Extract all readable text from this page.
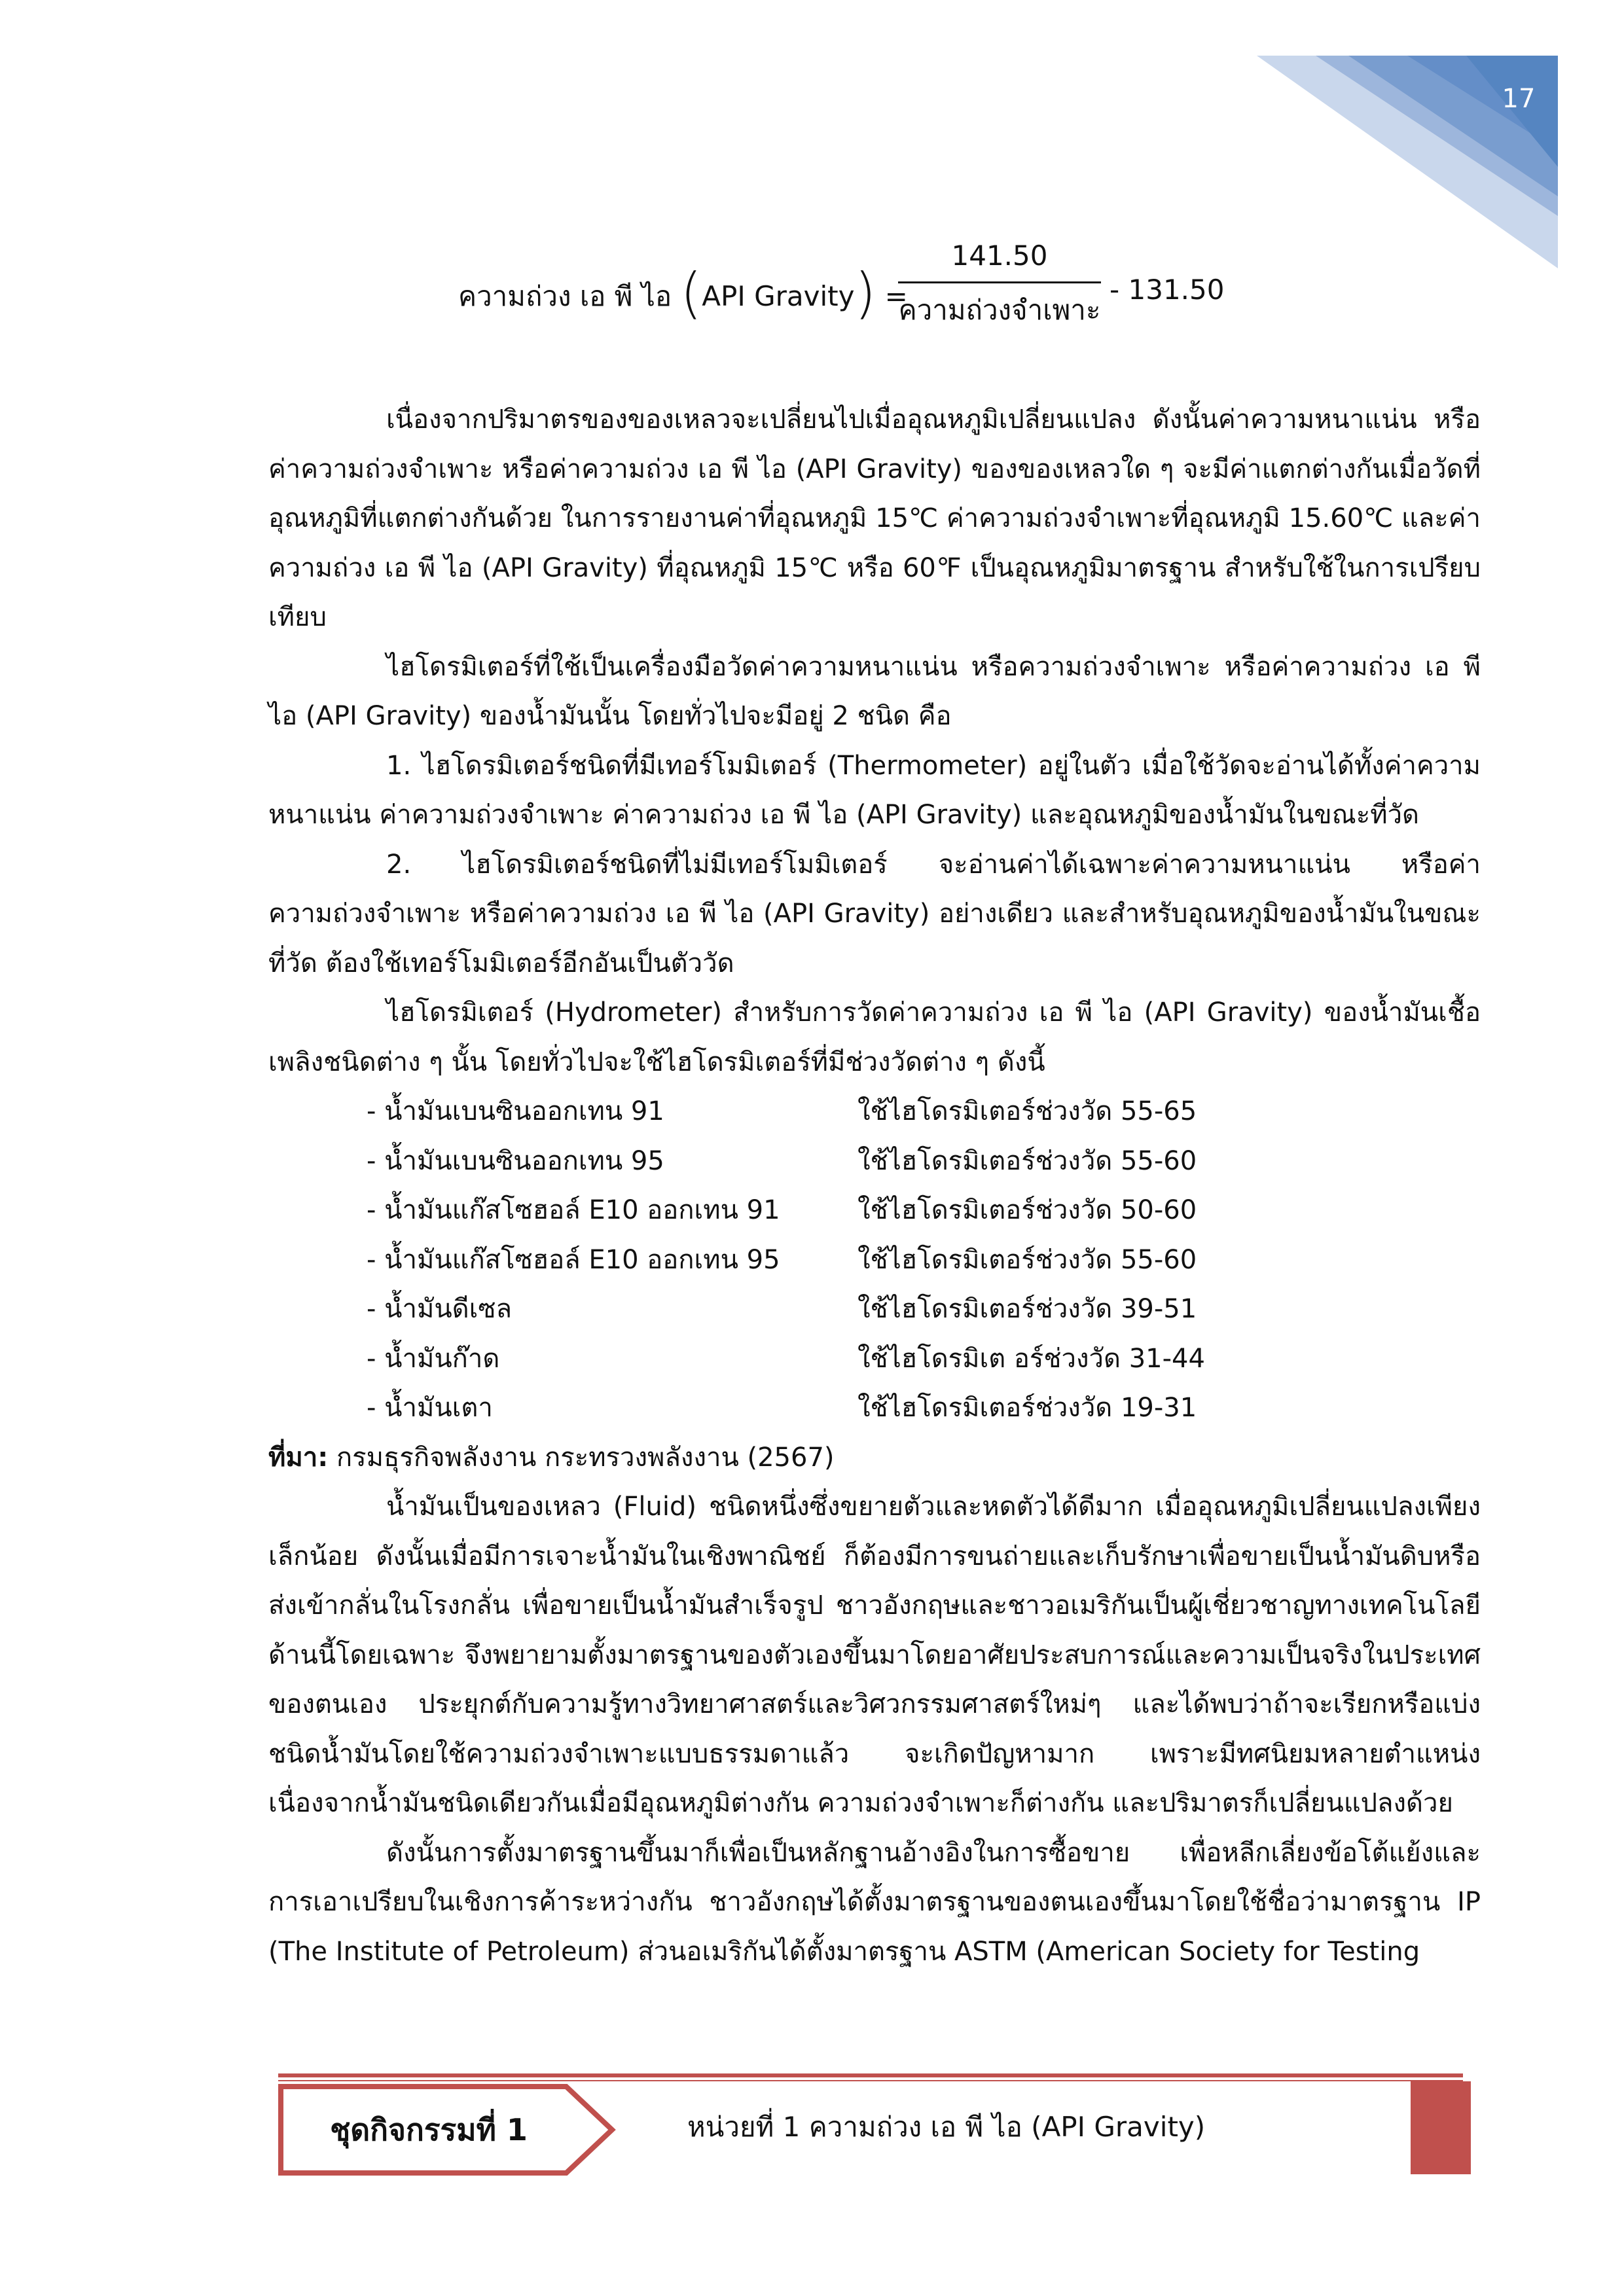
17
ความถ่วง เอ พี ไอ (API Gravity) =
141.50
ความถ่วงจำเพาะ
- 131.50

เนื่องจากปริมาตรของของเหลวจะเปลี่ยนไปเมื่ออุณหภูมิเปลี่ยนแปลง ดังนั้นค่าความหนาแน่น หรือค่าความถ่วงจำเพาะ หรือค่าความถ่วง เอ พี ไอ (API Gravity) ของของเหลวใด ๆ จะมีค่าแตกต่างกันเมื่อวัดที่อุณหภูมิที่แตกต่างกันด้วย ในการรายงานค่าที่อุณหภูมิ 15℃ ค่าความถ่วงจำเพาะที่อุณหภูมิ 15.60℃ และค่าความถ่วง เอ พี ไอ (API Gravity) ที่อุณหภูมิ 15℃ หรือ 60℉ เป็นอุณหภูมิมาตรฐาน สำหรับใช้ในการเปรียบเทียบ

ไฮโดรมิเตอร์ที่ใช้เป็นเครื่องมือวัดค่าความหนาแน่น หรือความถ่วงจำเพาะ หรือค่าความถ่วง เอ พี ไอ (API Gravity) ของน้ำมันนั้น โดยทั่วไปจะมีอยู่ 2 ชนิด คือ

1. ไฮโดรมิเตอร์ชนิดที่มีเทอร์โมมิเตอร์ (Thermometer) อยู่ในตัว เมื่อใช้วัดจะอ่านได้ทั้งค่าความหนาแน่น ค่าความถ่วงจำเพาะ ค่าความถ่วง เอ พี ไอ (API Gravity) และอุณหภูมิของน้ำมันในขณะที่วัด

2. ไฮโดรมิเตอร์ชนิดที่ไม่มีเทอร์โมมิเตอร์ จะอ่านค่าได้เฉพาะค่าความหนาแน่น หรือค่าความถ่วงจำเพาะ หรือค่าความถ่วง เอ พี ไอ (API Gravity) อย่างเดียว และสำหรับอุณหภูมิของน้ำมันในขณะที่วัด ต้องใช้เทอร์โมมิเตอร์อีกอันเป็นตัววัด

ไฮโดรมิเตอร์ (Hydrometer) สำหรับการวัดค่าความถ่วง เอ พี ไอ (API Gravity) ของน้ำมันเชื้อเพลิงชนิดต่าง ๆ นั้น โดยทั่วไปจะใช้ไฮโดรมิเตอร์ที่มีช่วงวัดต่าง ๆ ดังนี้

- น้ำมันเบนซินออกเทน 91	ใช้ไฮโดรมิเตอร์ช่วงวัด 55-65
- น้ำมันเบนซินออกเทน 95	ใช้ไฮโดรมิเตอร์ช่วงวัด 55-60
- น้ำมันแก๊สโซฮอล์ E10 ออกเทน 91	ใช้ไฮโดรมิเตอร์ช่วงวัด 50-60
- น้ำมันแก๊สโซฮอล์ E10 ออกเทน 95	ใช้ไฮโดรมิเตอร์ช่วงวัด 55-60
- น้ำมันดีเซล	ใช้ไฮโดรมิเตอร์ช่วงวัด 39-51
- น้ำมันก๊าด	ใช้ไฮโดรมิเต อร์ช่วงวัด 31-44
- น้ำมันเตา	ใช้ไฮโดรมิเตอร์ช่วงวัด 19-31

ที่มา: กรมธุรกิจพลังงาน กระทรวงพลังงาน (2567)

น้ำมันเป็นของเหลว (Fluid) ชนิดหนึ่งซึ่งขยายตัวและหดตัวได้ดีมาก เมื่ออุณหภูมิเปลี่ยนแปลงเพียงเล็กน้อย ดังนั้นเมื่อมีการเจาะน้ำมันในเชิงพาณิชย์ ก็ต้องมีการขนถ่ายและเก็บรักษาเพื่อขายเป็นน้ำมันดิบหรือส่งเข้ากลั่นในโรงกลั่น เพื่อขายเป็นน้ำมันสำเร็จรูป ชาวอังกฤษและชาวอเมริกันเป็นผู้เชี่ยวชาญทางเทคโนโลยีด้านนี้โดยเฉพาะ จึงพยายามตั้งมาตรฐานของตัวเองขึ้นมาโดยอาศัยประสบการณ์และความเป็นจริงในประเทศของตนเอง ประยุกต์กับความรู้ทางวิทยาศาสตร์และวิศวกรรมศาสตร์ใหม่ๆ และได้พบว่าถ้าจะเรียกหรือแบ่งชนิดน้ำมันโดยใช้ความถ่วงจำเพาะแบบธรรมดาแล้ว จะเกิดปัญหามาก เพราะมีทศนิยมหลายตำแหน่ง เนื่องจากน้ำมันชนิดเดียวกันเมื่อมีอุณหภูมิต่างกัน ความถ่วงจำเพาะก็ต่างกัน และปริมาตรก็เปลี่ยนแปลงด้วย

ดังนั้นการตั้งมาตรฐานขึ้นมาก็เพื่อเป็นหลักฐานอ้างอิงในการซื้อขาย เพื่อหลีกเลี่ยงข้อโต้แย้งและการเอาเปรียบในเชิงการค้าระหว่างกัน ชาวอังกฤษได้ตั้งมาตรฐานของตนเองขึ้นมาโดยใช้ชื่อว่ามาตรฐาน IP (The Institute of Petroleum) ส่วนอเมริกันได้ตั้งมาตรฐาน ASTM (American Society for Testing

ชุดกิจกรรมที่ 1	หน่วยที่ 1 ความถ่วง เอ พี ไอ (API Gravity)
